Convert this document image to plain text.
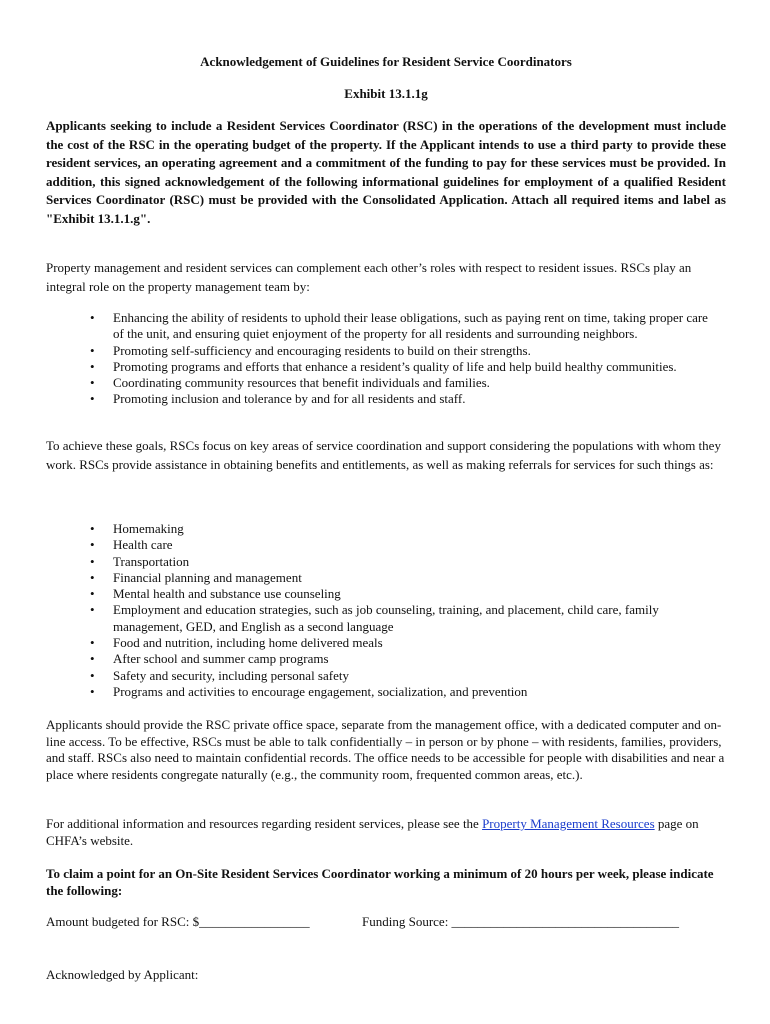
Acknowledgement of Guidelines for Resident Service Coordinators
Exhibit 13.1.1g
Applicants seeking to include a Resident Services Coordinator (RSC) in the operations of the development must include the cost of the RSC in the operating budget of the property. If the Applicant intends to use a third party to provide these resident services, an operating agreement and a commitment of the funding to pay for these services must be provided. In addition, this signed acknowledgement of the following informational guidelines for employment of a qualified Resident Services Coordinator (RSC) must be provided with the Consolidated Application. Attach all required items and label as "Exhibit 13.1.1.g".
Property management and resident services can complement each other’s roles with respect to resident issues. RSCs play an integral role on the property management team by:
• Enhancing the ability of residents to uphold their lease obligations, such as paying rent on time, taking proper care of the unit, and ensuring quiet enjoyment of the property for all residents and surrounding neighbors.
• Promoting self-sufficiency and encouraging residents to build on their strengths.
• Promoting programs and efforts that enhance a resident’s quality of life and help build healthy communities.
• Coordinating community resources that benefit individuals and families.
• Promoting inclusion and tolerance by and for all residents and staff.
To achieve these goals, RSCs focus on key areas of service coordination and support considering the populations with whom they work. RSCs provide assistance in obtaining benefits and entitlements, as well as making referrals for services for such things as:
• Homemaking
• Health care
• Transportation
• Financial planning and management
• Mental health and substance use counseling
• Employment and education strategies, such as job counseling, training, and placement, child care, family management, GED, and English as a second language
• Food and nutrition, including home delivered meals
• After school and summer camp programs
• Safety and security, including personal safety
• Programs and activities to encourage engagement, socialization, and prevention
Applicants should provide the RSC private office space, separate from the management office, with a dedicated computer and on-line access. To be effective, RSCs must be able to talk confidentially – in person or by phone – with residents, families, providers, and staff. RSCs also need to maintain confidential records. The office needs to be accessible for people with disabilities and near a place where residents congregate naturally (e.g., the community room, frequented common areas, etc.).
For additional information and resources regarding resident services, please see the Property Management Resources page on CHFA’s website.
To claim a point for an On-Site Resident Services Coordinator working a minimum of 20 hours per week, please indicate the following:
Amount budgeted for RSC: $_________________	Funding Source: ___________________________________
Acknowledged by Applicant:
